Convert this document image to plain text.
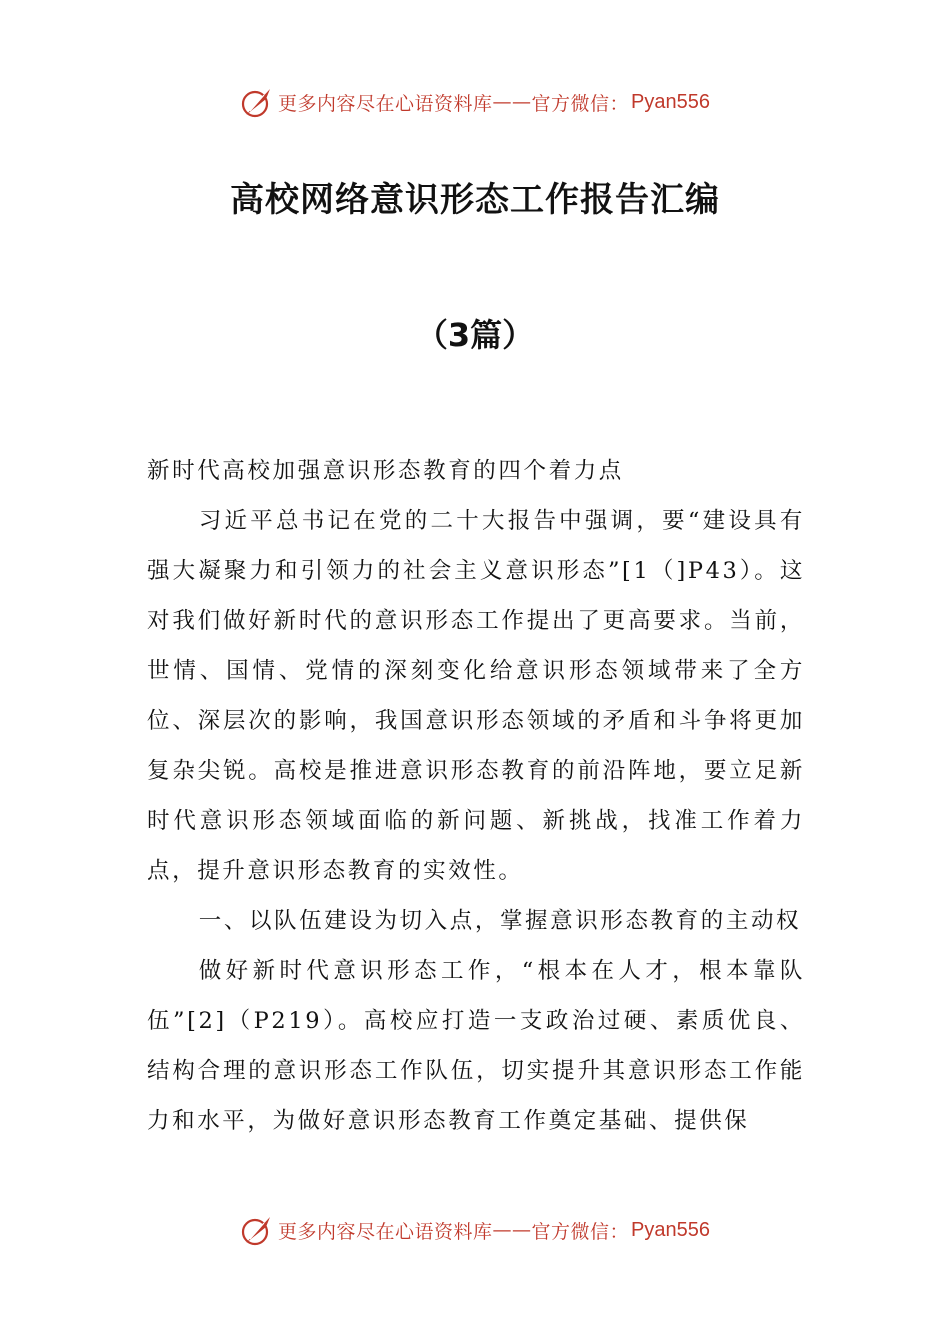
更多内容尽在心语资料库 —— 官方微信： Pyan556
高校网络意识形态工作报告汇编
（3篇）

新时代高校加强意识形态教育的四个着力点

习近平总书记在党的二十大报告中强调，要“建设具有强大凝聚力和引领力的社会主义意识形态”[1（]P43）。这对我们做好新时代的意识形态工作提出了更高要求。当前，世情、国情、党情的深刻变化给意识形态领域带来了全方位、深层次的影响，我国意识形态领域的矛盾和斗争将更加复杂尖锐。高校是推进意识形态教育的前沿阵地，要立足新时代意识形态领域面临的新问题、新挑战，找准工作着力点，提升意识形态教育的实效性。

一、以队伍建设为切入点，掌握意识形态教育的主动权

做好新时代意识形态工作，“根本在人才，根本靠队伍”[2]（P219）。高校应打造一支政治过硬、素质优良、结构合理的意识形态工作队伍，切实提升其意识形态工作能力和水平，为做好意识形态教育工作奠定基础、提供保

更多内容尽在心语资料库 —— 官方微信： Pyan556
